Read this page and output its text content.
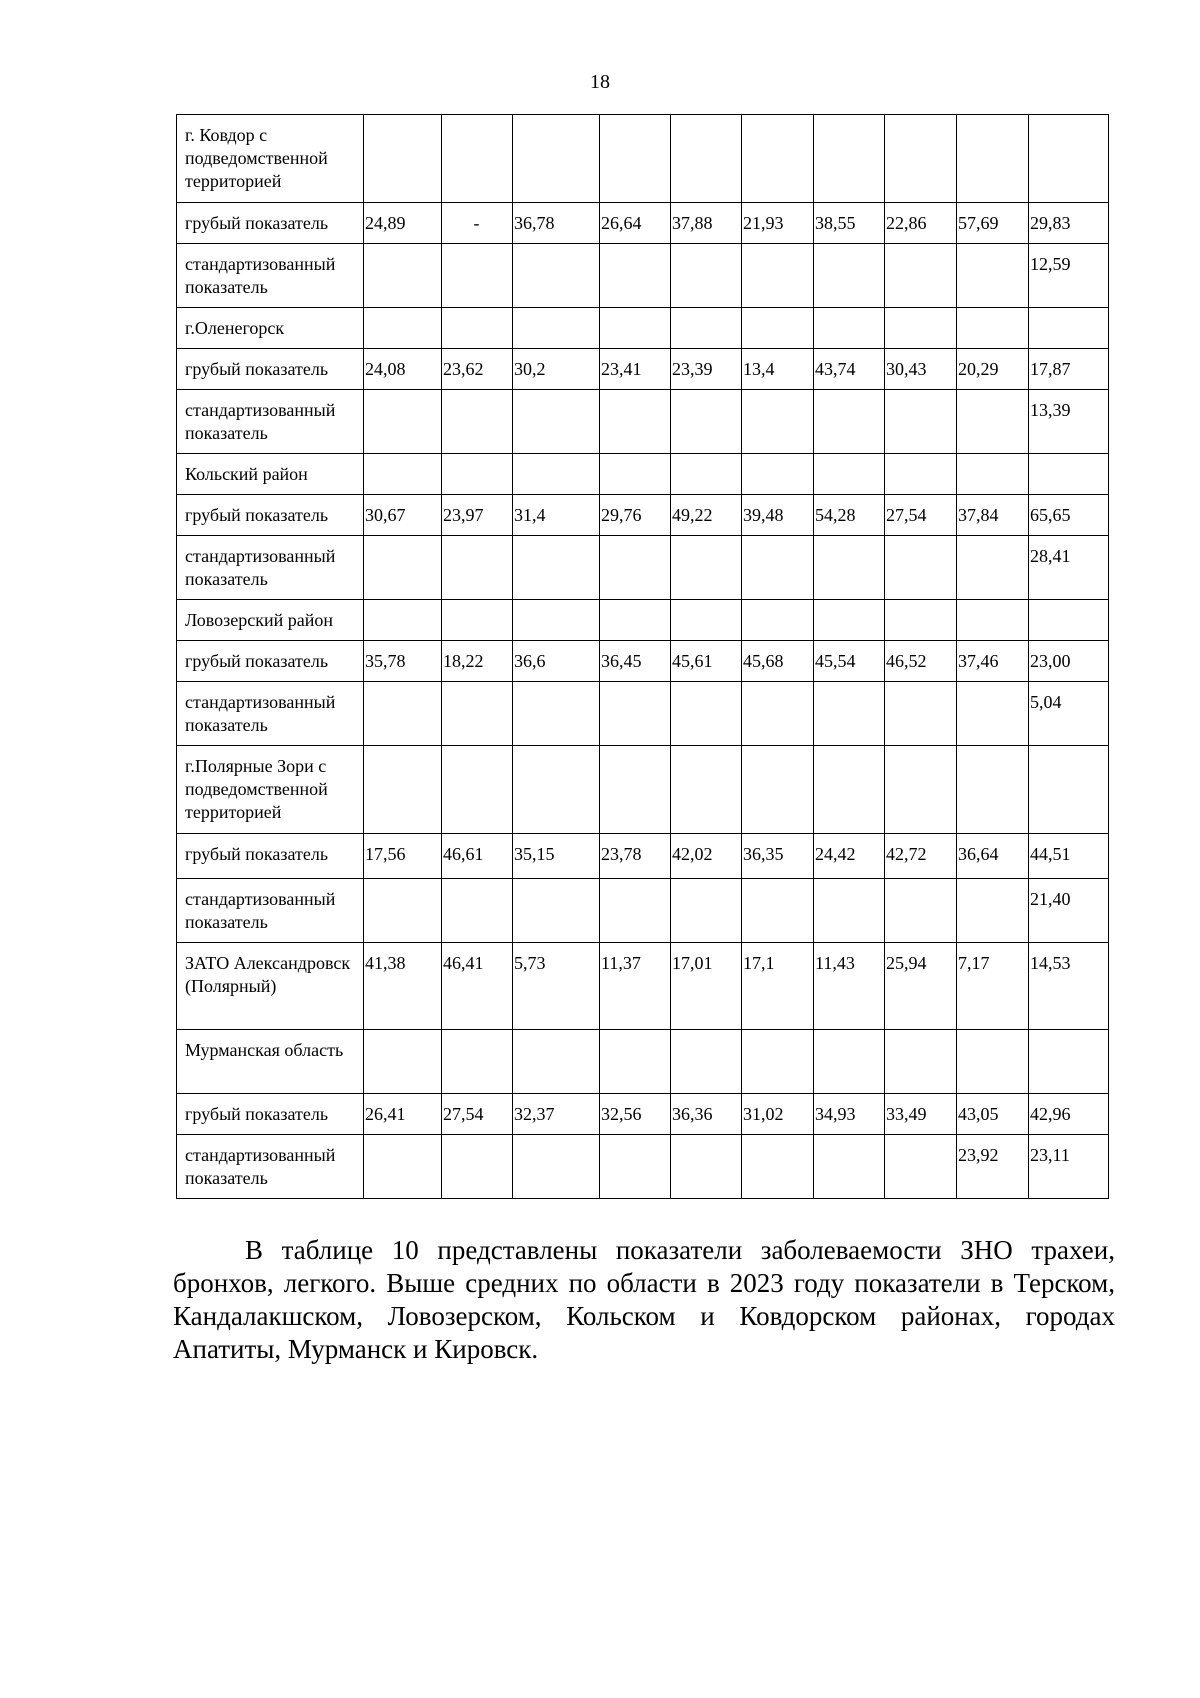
18
г. Ковдор с подведомственной территорией										
грубый показатель	24,89	-	36,78	26,64	37,88	21,93	38,55	22,86	57,69	29,83
стандартизованный показатель										12,59
г.Оленегорск										
грубый показатель	24,08	23,62	30,2	23,41	23,39	13,4	43,74	30,43	20,29	17,87
стандартизованный показатель										13,39
Кольский район										
грубый показатель	30,67	23,97	31,4	29,76	49,22	39,48	54,28	27,54	37,84	65,65
стандартизованный показатель										28,41
Ловозерский район										
грубый показатель	35,78	18,22	36,6	36,45	45,61	45,68	45,54	46,52	37,46	23,00
стандартизованный показатель										5,04
г.Полярные Зори с подведомственной территорией										
грубый показатель	17,56	46,61	35,15	23,78	42,02	36,35	24,42	42,72	36,64	44,51
стандартизованный показатель										21,40
ЗАТО Александровск (Полярный)	41,38	46,41	5,73	11,37	17,01	17,1	11,43	25,94	7,17	14,53
Мурманская область										
грубый показатель	26,41	27,54	32,37	32,56	36,36	31,02	34,93	33,49	43,05	42,96
стандартизованный показатель									23,92	23,11

В таблице 10 представлены показатели заболеваемости ЗНО трахеи, бронхов, легкого. Выше средних по области в 2023 году показатели в Терском, Кандалакшском, Ловозерском, Кольском и Ковдорском районах, городах Апатиты, Мурманск и Кировск.
